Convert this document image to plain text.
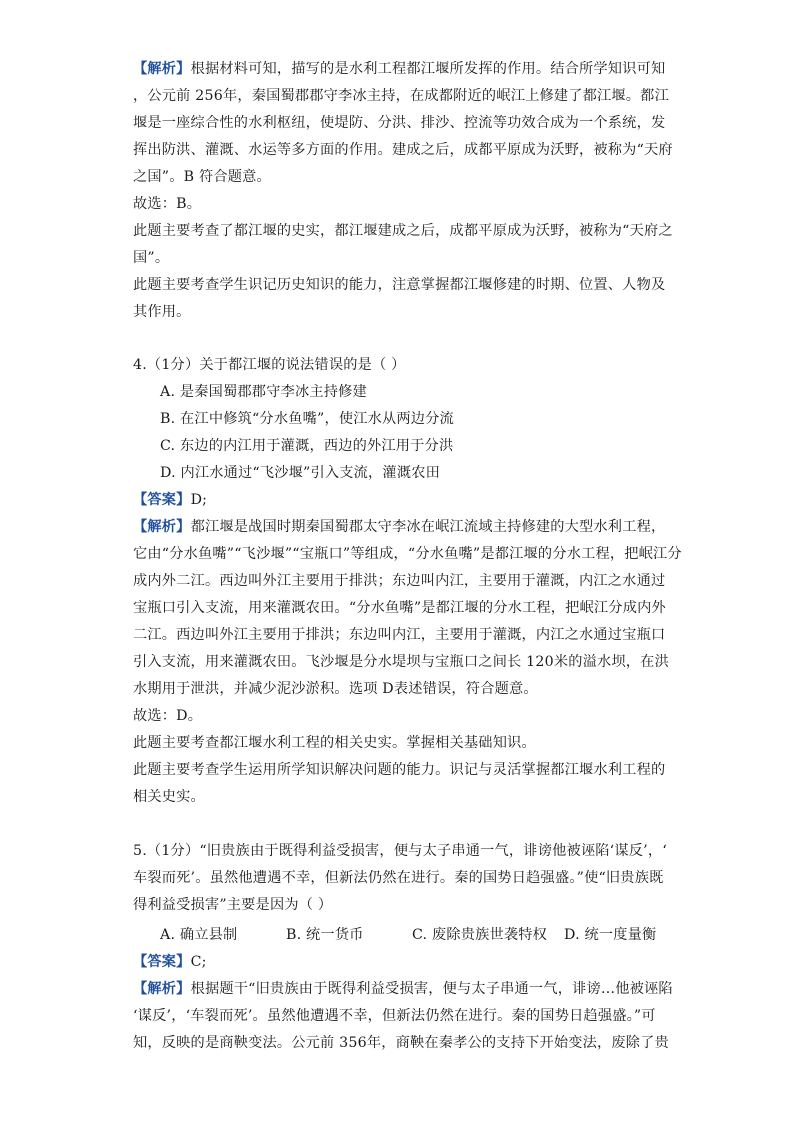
【解析】根据材料可知，描写的是水利工程都江堰所发挥的作用。结合所学知识可知
，公元前 256年，秦国蜀郡郡守李冰主持，在成都附近的岷江上修建了都江堰。都江
堰是一座综合性的水利枢纽，使堤防、分洪、排沙、控流等功效合成为一个系统，发
挥出防洪、灌溉、水运等多方面的作用。建成之后，成都平原成为沃野，被称为“天府
之国”。B 符合题意。
故选：B。
此题主要考查了都江堰的史实，都江堰建成之后，成都平原成为沃野，被称为“天府之
国”。
此题主要考查学生识记历史知识的能力，注意掌握都江堰修建的时期、位置、人物及
其作用。
4.（1分）关于都江堰的说法错误的是（ ）
A. 是秦国蜀郡郡守李冰主持修建
B. 在江中修筑“分水鱼嘴”，使江水从两边分流
C. 东边的内江用于灌溉，西边的外江用于分洪
D. 内江水通过“飞沙堰”引入支流，灌溉农田
【答案】D;
【解析】都江堰是战国时期秦国蜀郡太守李冰在岷江流域主持修建的大型水利工程，
它由“分水鱼嘴”“飞沙堰”“宝瓶口”等组成，“分水鱼嘴”是都江堰的分水工程，把岷江分
成内外二江。西边叫外江主要用于排洪；东边叫内江，主要用于灌溉，内江之水通过
宝瓶口引入支流，用来灌溉农田。“分水鱼嘴”是都江堰的分水工程，把岷江分成内外
二江。西边叫外江主要用于排洪；东边叫内江，主要用于灌溉，内江之水通过宝瓶口
引入支流，用来灌溉农田。飞沙堰是分水堤坝与宝瓶口之间长 120米的溢水坝，在洪
水期用于泄洪，并减少泥沙淤积。选项 D表述错误，符合题意。
故选：D。
此题主要考查都江堰水利工程的相关史实。掌握相关基础知识。
此题主要考查学生运用所学知识解决问题的能力。识记与灵活掌握都江堰水利工程的
相关史实。
5.（1分）“旧贵族由于既得利益受损害，便与太子串通一气，诽谤他被诬陷‘谋反’，‘
车裂而死’。虽然他遭遇不幸，但新法仍然在进行。秦的国势日趋强盛。”使“旧贵族既
得利益受损害”主要是因为（ ）
A. 确立县制	B. 统一货币	C. 废除贵族世袭特权 D. 统一度量衡
【答案】C;
【解析】根据题干“旧贵族由于既得利益受损害，便与太子串通一气，诽谤…他被诬陷
‘谋反’，‘车裂而死’。虽然他遭遇不幸，但新法仍然在进行。秦的国势日趋强盛。”可
知，反映的是商鞅变法。公元前 356年，商鞅在秦孝公的支持下开始变法，废除了贵
